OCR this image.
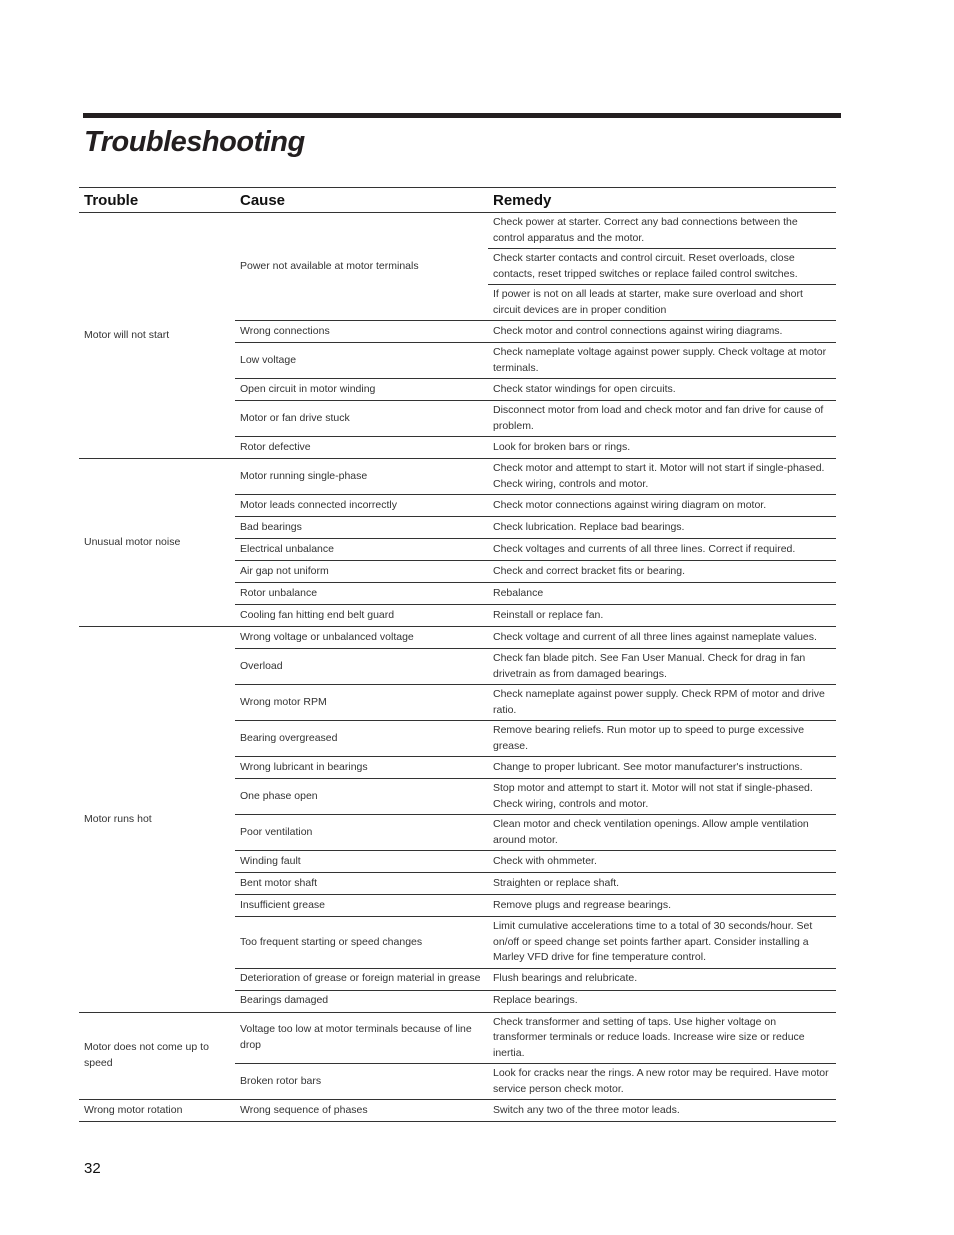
Troubleshooting
Trouble	Cause	Remedy
Motor will not start	Power not available at motor terminals	Check power at starter. Correct any bad connections between the control apparatus and the motor.
		Check starter contacts and control circuit. Reset overloads, close contacts, reset tripped switches or replace failed control switches.
		If power is not on all leads at starter, make sure overload and short circuit devices are in proper condition
	Wrong connections	Check motor and control connections against wiring diagrams.
	Low voltage	Check nameplate voltage against power supply. Check voltage at motor terminals.
	Open circuit in motor winding	Check stator windings for open circuits.
	Motor or fan drive stuck	Disconnect motor from load and check motor and fan drive for cause of problem.
	Rotor defective	Look for broken bars or rings.
Unusual motor noise	Motor running single-phase	Check motor and attempt to start it. Motor will not start if single-phased. Check wiring, controls and motor.
	Motor leads connected incorrectly	Check motor connections against wiring diagram on motor.
	Bad bearings	Check lubrication. Replace bad bearings.
	Electrical unbalance	Check voltages and currents of all three lines. Correct if required.
	Air gap not uniform	Check and correct bracket fits or bearing.
	Rotor unbalance	Rebalance
	Cooling fan hitting end belt guard	Reinstall or replace fan.
Motor runs hot	Wrong voltage or unbalanced voltage	Check voltage and current of all three lines against nameplate values.
	Overload	Check fan blade pitch. See Fan User Manual. Check for drag in fan drivetrain as from damaged bearings.
	Wrong motor RPM	Check nameplate against power supply. Check RPM of motor and drive ratio.
	Bearing overgreased	Remove bearing reliefs. Run motor up to speed to purge excessive grease.
	Wrong lubricant in bearings	Change to proper lubricant. See motor manufacturer's instructions.
	One phase open	Stop motor and attempt to start it. Motor will not stat if single-phased. Check wiring, controls and motor.
	Poor ventilation	Clean motor and check ventilation openings. Allow ample ventilation around motor.
	Winding fault	Check with ohmmeter.
	Bent motor shaft	Straighten or replace shaft.
	Insufficient grease	Remove plugs and regrease bearings.
	Too frequent starting or speed changes	Limit cumulative accelerations time to a total of 30 seconds/hour. Set on/off or speed change set points farther apart. Consider installing a Marley VFD drive for fine temperature control.
	Deterioration of grease or foreign material in grease	Flush bearings and relubricate.
	Bearings damaged	Replace bearings.
Motor does not come up to speed	Voltage too low at motor terminals because of line drop	Check transformer and setting of taps. Use higher voltage on transformer terminals or reduce loads. Increase wire size or reduce inertia.
	Broken rotor bars	Look for cracks near the rings. A new rotor may be required. Have motor service person check motor.
Wrong motor rotation	Wrong sequence of phases	Switch any two of the three motor leads.
32
